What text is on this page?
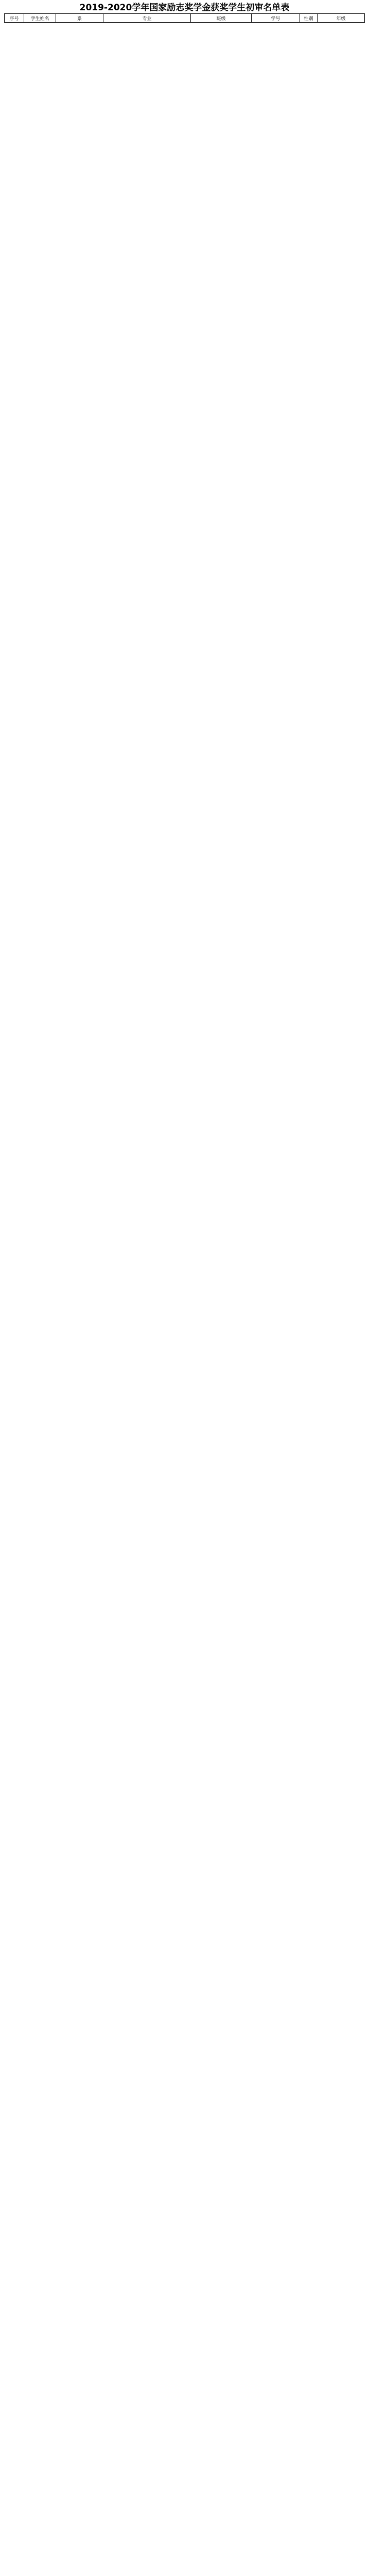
2019-2020学年国家励志奖学金获奖学生初审名单表
序号	学生姓名	系	专业	班级	学号	性别	年级
